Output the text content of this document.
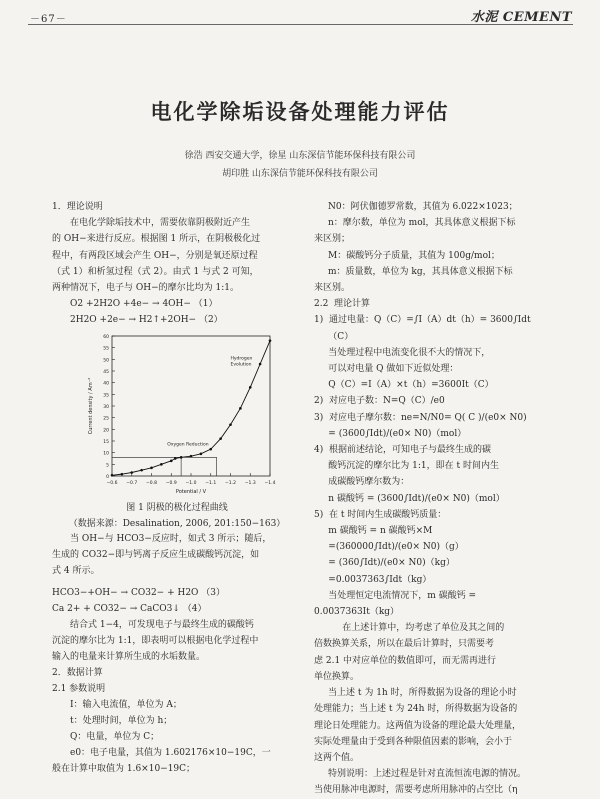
－67－	水泥 CEMENT
电化学除垢设备处理能力评估
徐浩 西安交通大学，徐星 山东深信节能环保科技有限公司
胡印胜 山东深信节能环保科技有限公司
1．理论说明
在电化学除垢技术中，需要依靠阴极附近产生
的 OH−来进行反应。根据图 1 所示，在阴极极化过
程中，有两段区域会产生 OH−，分别是氧还原过程
（式 1）和析氢过程（式 2）。由式 1 与式 2 可知，
两种情况下，电子与 OH−的摩尔比均为 1:1。
O2 +2H2O +4e− → 4OH− （1）
2H2O +2e− → H2↑+2OH− （2）
0
5
10
15
20
25
30
35
40
45
50
55
60
−0.6 −0.7 −0.8 −0.9 −1.0 −1.1 −1.2 −1.3 −1.4
Potential / V
Current density / Am⁻²
Hydrogen
Evolution
Oxygen Reduction
图 1 阴极的极化过程曲线
（数据来源：Desalination, 2006, 201:150−163）
当 OH−与 HCO3−反应时，如式 3 所示；随后，
生成的 CO32−即与钙离子反应生成碳酸钙沉淀，如
式 4 所示。
HCO3−+OH− → CO32− + H2O （3）
Ca 2+ + CO32− → CaCO3↓ （4）
结合式 1−4，可发现电子与最终生成的碳酸钙
沉淀的摩尔比为 1:1，即表明可以根据电化学过程中
输入的电量来计算所生成的水垢数量。
2．数据计算
2.1 参数说明
I：输入电流值，单位为 A；
t：处理时间，单位为 h；
Q：电量，单位为 C；
e0：电子电量，其值为 1.602176×10−19C，一
般在计算中取值为 1.6×10−19C；
N0：阿伏伽德罗常数，其值为 6.022×1023；
n：摩尔数，单位为 mol，其具体意义根据下标
来区别；
M：碳酸钙分子质量，其值为 100g/mol；
m：质量数，单位为 kg，其具体意义根据下标
来区别。
2.2  理论计算
1)  通过电量：Q（C）=∫I（A）dt（h）= 3600∫Idt
（C）
当处理过程中电流变化很不大的情况下，
可以对电量 Q 做如下近似处理：
Q（C）=I（A）×t（h）=3600It（C）
2)  对应电子数：N=Q（C）/e0
3)  对应电子摩尔数：ne=N/N0= Q( C )/(e0× N0)
= (3600∫Idt)/(e0× N0)（mol）
4)  根据前述结论，可知电子与最终生成的碳
酸钙沉淀的摩尔比为 1:1，即在 t 时间内生
成碳酸钙摩尔数为：
n 碳酸钙 = (3600∫Idt)/(e0× N0)（mol）
5)  在 t 时间内生成碳酸钙质量：
m 碳酸钙 = n 碳酸钙×M
=(360000∫Idt)/(e0× N0)（g）
= (360∫Idt)/(e0× N0)（kg）
=0.0037363∫Idt（kg）
当处理恒定电流情况下，m 碳酸钙 =
0.0037363It（kg）
在上述计算中，均考虑了单位及其之间的
倍数换算关系，所以在最后计算时，只需要考
虑 2.1 中对应单位的数值即可，而无需再进行
单位换算。
当上述 t 为 1h 时，所得数据为设备的理论小时
处理能力；当上述 t 为 24h 时，所得数据为设备的
理论日处理能力。这两值为设备的理论最大处理量，
实际处理量由于受到各种限值因素的影响，会小于
这两个值。
特别说明：上述过程是针对直流恒流电源的情况。
当使用脉冲电源时，需要考虑所用脉冲的占空比（η
